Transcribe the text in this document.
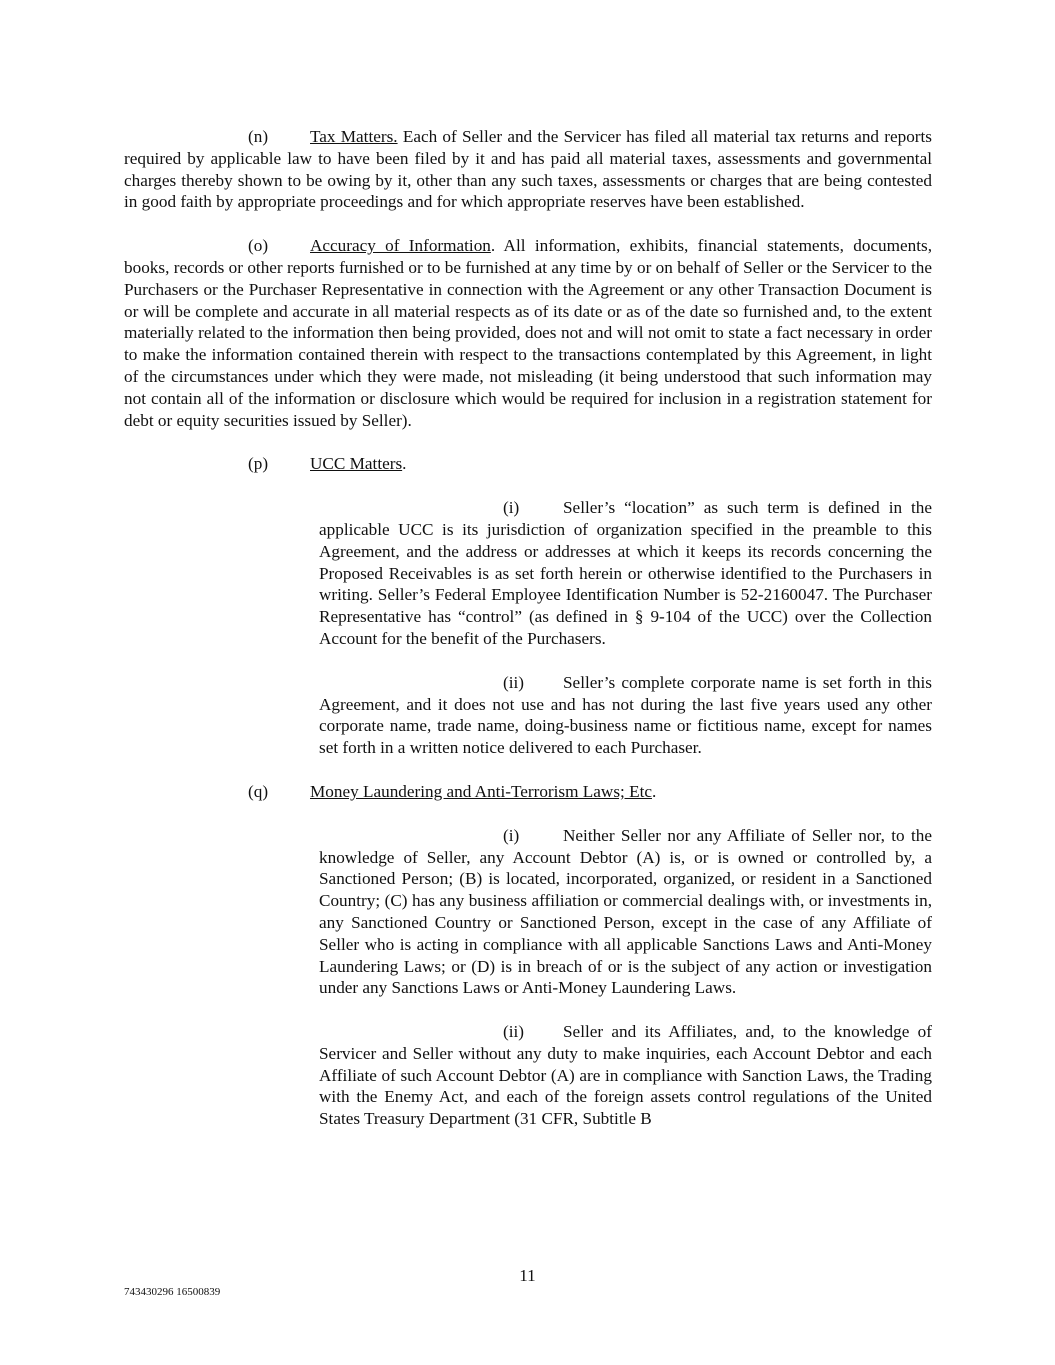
(n) Tax Matters. Each of Seller and the Servicer has filed all material tax returns and reports required by applicable law to have been filed by it and has paid all material taxes, assessments and governmental charges thereby shown to be owing by it, other than any such taxes, assessments or charges that are being contested in good faith by appropriate proceedings and for which appropriate reserves have been established.

(o) Accuracy of Information. All information, exhibits, financial statements, documents, books, records or other reports furnished or to be furnished at any time by or on behalf of Seller or the Servicer to the Purchasers or the Purchaser Representative in connection with the Agreement or any other Transaction Document is or will be complete and accurate in all material respects as of its date or as of the date so furnished and, to the extent materially related to the information then being provided, does not and will not omit to state a fact necessary in order to make the information contained therein with respect to the transactions contemplated by this Agreement, in light of the circumstances under which they were made, not misleading (it being understood that such information may not contain all of the information or disclosure which would be required for inclusion in a registration statement for debt or equity securities issued by Seller).

(p) UCC Matters.

(i)	Seller’s “location” as such term is defined in the applicable UCC is its jurisdiction of organization specified in the preamble to this Agreement, and the address or addresses at which it keeps its records concerning the Proposed Receivables is as set forth herein or otherwise identified to the Purchasers in writing. Seller’s Federal Employee Identification Number is 52-2160047. The Purchaser Representative has “control” (as defined in § 9-104 of the UCC) over the Collection Account for the benefit of the Purchasers.

(ii) Seller’s complete corporate name is set forth in this Agreement, and it does not use and has not during the last five years used any other corporate name, trade name, doing-business name or fictitious name, except for names set forth in a written notice delivered to each Purchaser.

(q) Money Laundering and Anti-Terrorism Laws; Etc.

(i)	Neither Seller nor any Affiliate of Seller nor, to the knowledge of Seller, any Account Debtor (A) is, or is owned or controlled by, a Sanctioned Person; (B) is located, incorporated, organized, or resident in a Sanctioned Country; (C) has any business affiliation or commercial dealings with, or investments in, any Sanctioned Country or Sanctioned Person, except in the case of any Affiliate of Seller who is acting in compliance with all applicable Sanctions Laws and Anti-Money Laundering Laws; or (D) is in breach of or is the subject of any action or investigation under any Sanctions Laws or Anti-Money Laundering Laws.

(ii) Seller and its Affiliates, and, to the knowledge of Servicer and Seller without any duty to make inquiries, each Account Debtor and each Affiliate of such Account Debtor (A) are in compliance with Sanction Laws, the Trading with the Enemy Act, and each of the foreign assets control regulations of the United States Treasury Department (31 CFR, Subtitle B

11
743430296 16500839
